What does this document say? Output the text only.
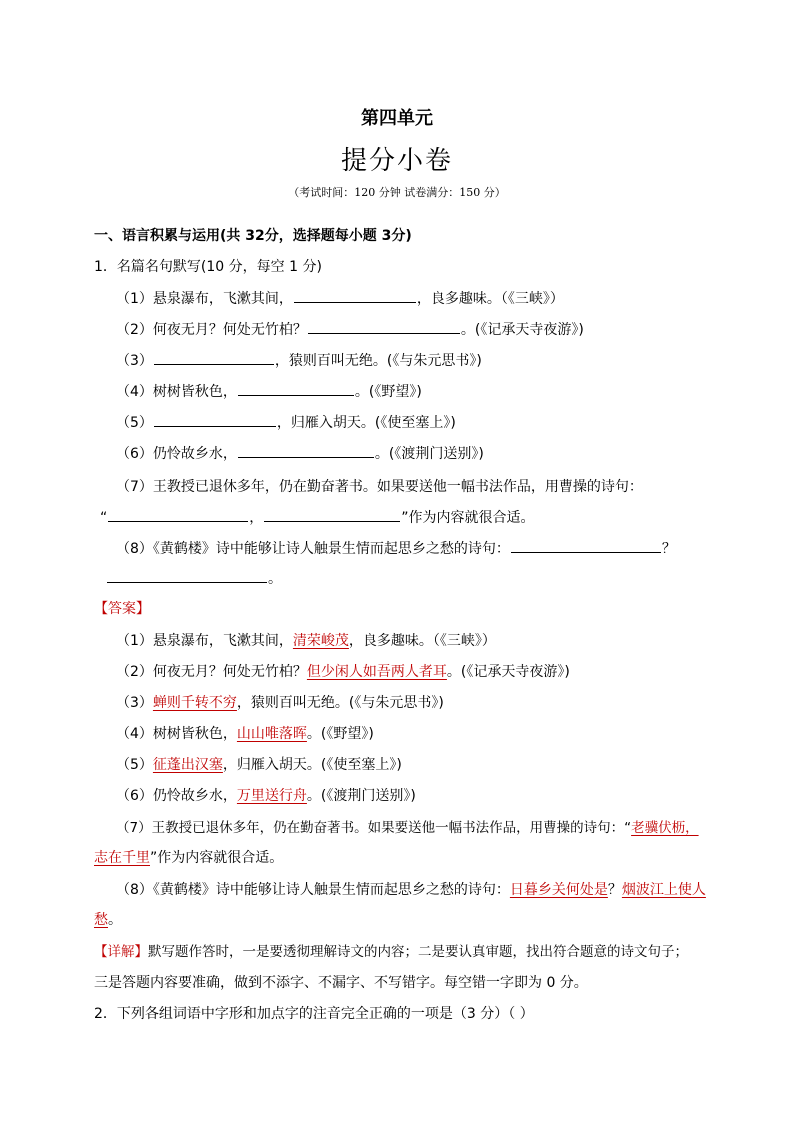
第四单元
提分小卷
（考试时间：120 分钟 试卷满分：150 分）
一、语言积累与运用(共 32分，选择题每小题 3分)
1．名篇名句默写(10 分，每空 1 分)
（1）悬泉瀑布，飞漱其间，	，良多趣味。（《三峡》）
（2）何夜无月？何处无竹柏？	。(《记承天寺夜游》)
（3）	，猿则百叫无绝。(《与朱元思书》)
（4）树树皆秋色，	。(《野望》)
（5）	，归雁入胡天。(《使至塞上》)
（6）仍怜故乡水，	。(《渡荆门送别》)
（7）王教授已退休多年，仍在勤奋著书。如果要送他一幅书法作品，用曹操的诗句：
“	，	”作为内容就很合适。
（8）《黄鹤楼》诗中能够让诗人触景生情而起思乡之愁的诗句：	？
。
【答案】
（1）悬泉瀑布，飞漱其间，清荣峻茂，良多趣味。（《三峡》）
（2）何夜无月？何处无竹柏？但少闲人如吾两人者耳。(《记承天寺夜游》)
（3）蝉则千转不穷，猿则百叫无绝。(《与朱元思书》)
（4）树树皆秋色，山山唯落晖。(《野望》)
（5）征蓬出汉塞，归雁入胡天。(《使至塞上》)
（6）仍怜故乡水，万里送行舟。(《渡荆门送别》)
（7）王教授已退休多年，仍在勤奋著书。如果要送他一幅书法作品，用曹操的诗句：“老骥伏枥，
志在千里”作为内容就很合适。
（8）《黄鹤楼》诗中能够让诗人触景生情而起思乡之愁的诗句：日暮乡关何处是？烟波江上使人
愁。
【详解】默写题作答时，一是要透彻理解诗文的内容；二是要认真审题，找出符合题意的诗文句子；
三是答题内容要准确，做到不添字、不漏字、不写错字。每空错一字即为 0 分。
2．下列各组词语中字形和加点字的注音完全正确的一项是（3 分）（ ）
